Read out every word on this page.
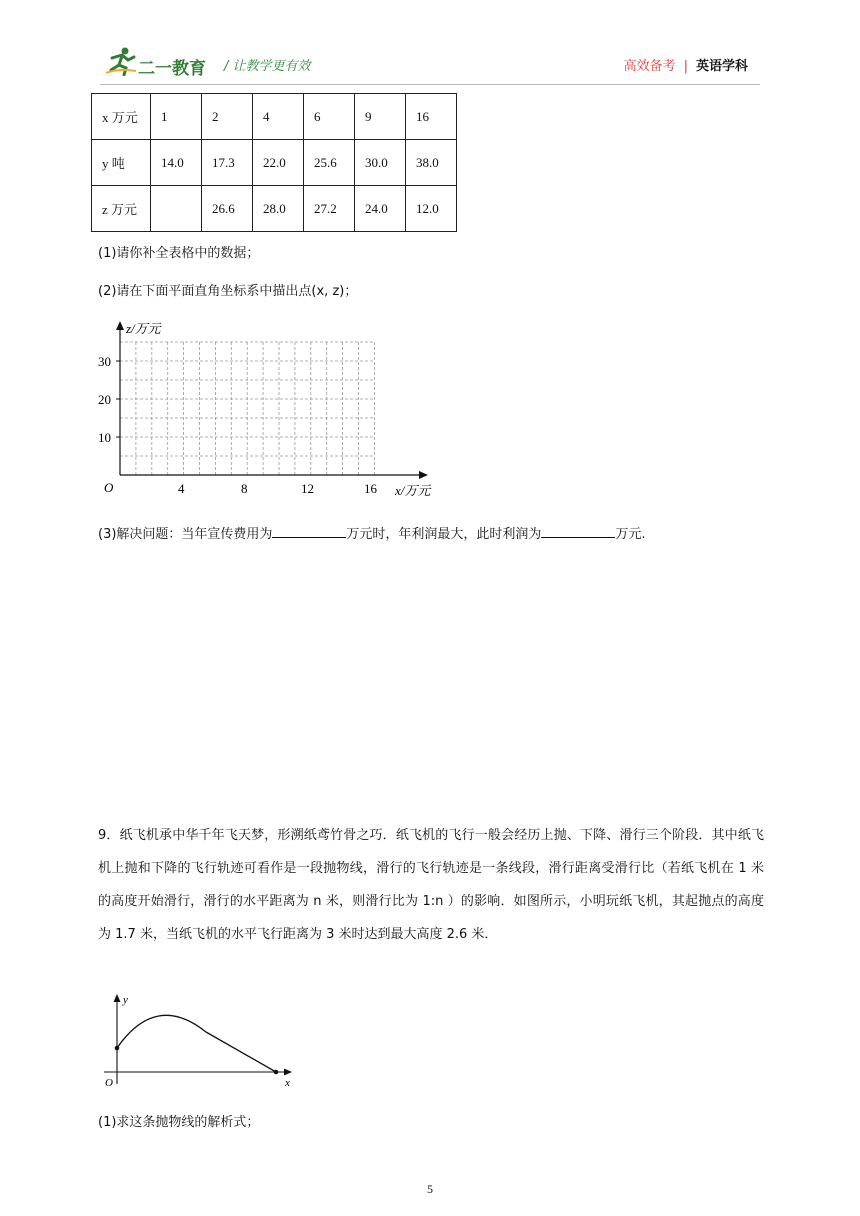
二一教育 / 让教学更有效	高效备考 | 英语学科
x 万元	1	2	4	6	9	16
y 吨	14.0	17.3	22.0	25.6	30.0	38.0
z 万元		26.6	28.0	27.2	24.0	12.0
(1)请你补全表格中的数据；
(2)请在下面平面直角坐标系中描出点(x, z)；
z/万元
x/万元
O
10
20
30
4	8	12	16
(3)解决问题：当年宣传费用为	万元时，年利润最大，此时利润为	万元.
9．纸飞机承中华千年飞天梦，形溯纸鸢竹骨之巧．纸飞机的飞行一般会经历上抛、下降、滑行三个阶段．其中纸飞机上抛和下降的飞行轨迹可看作是一段抛物线，滑行的飞行轨迹是一条线段，滑行距离受滑行比（若纸飞机在 1 米的高度开始滑行，滑行的水平距离为 n 米，则滑行比为 1:n ）的影响．如图所示，小明玩纸飞机，其起抛点的高度为 1.7 米，当纸飞机的水平飞行距离为 3 米时达到最大高度 2.6 米．
y
x
O
(1)求这条抛物线的解析式；
5
